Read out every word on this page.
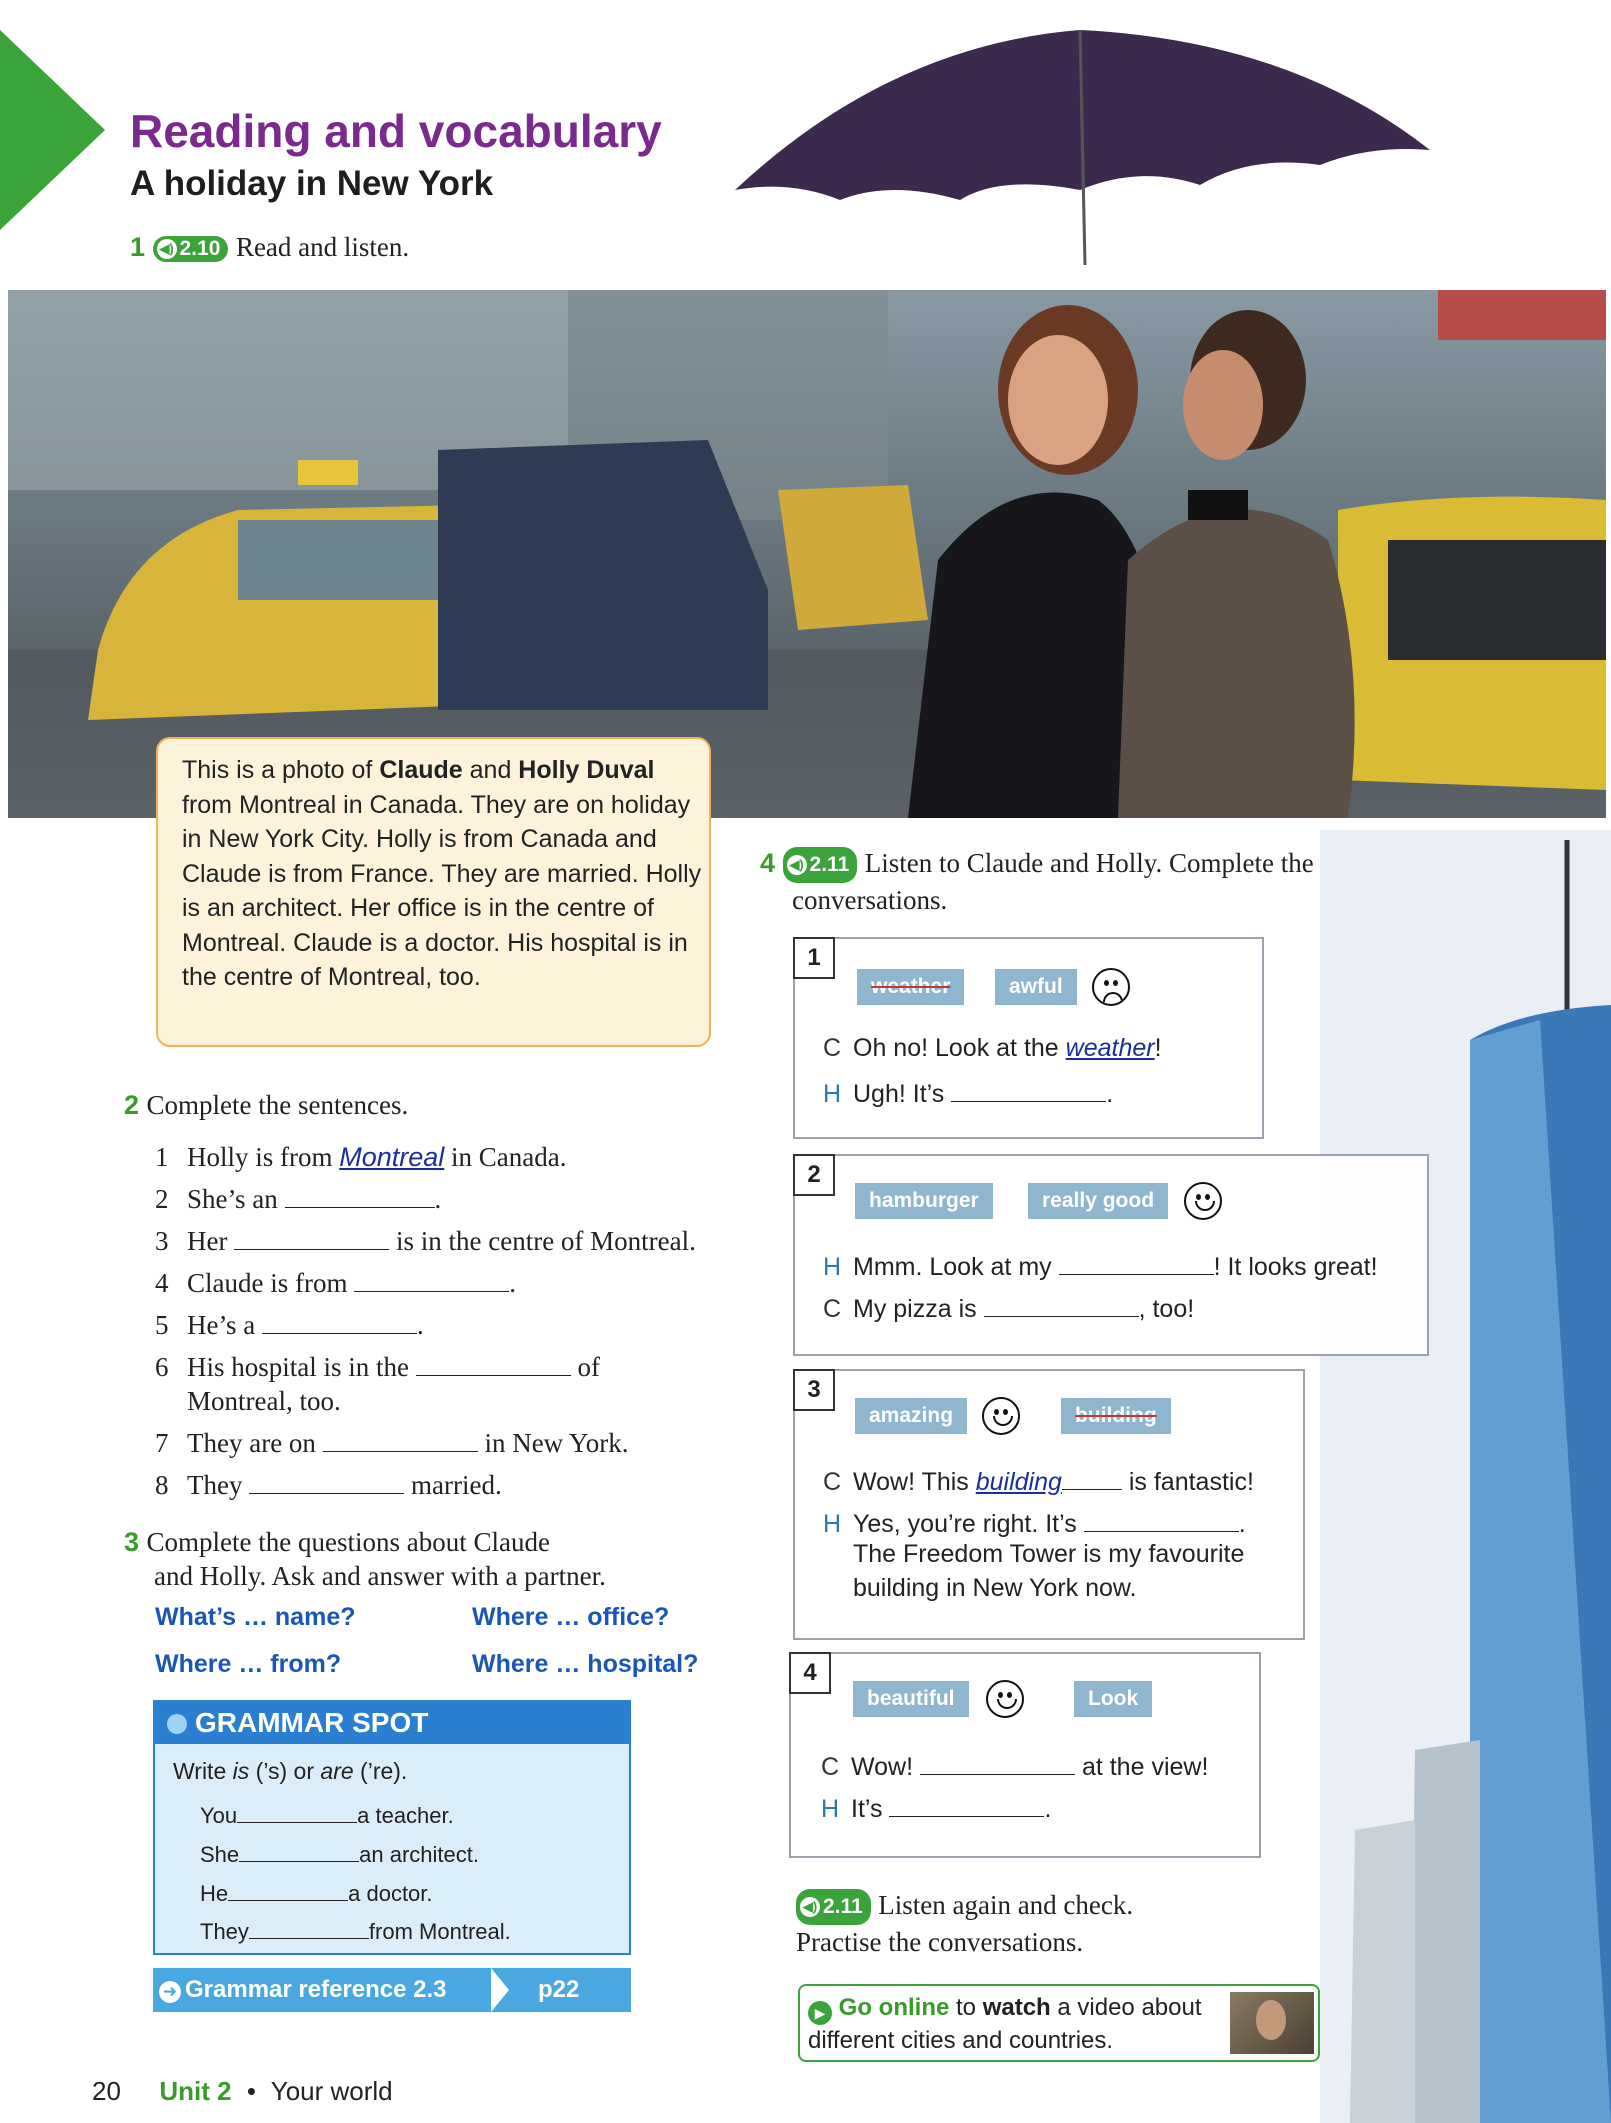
Reading and vocabulary
A holiday in New York
1 ◀) 2.10 Read and listen.
This is a photo of Claude and Holly Duval from Montreal in Canada. They are on holiday in New York City. Holly is from Canada and Claude is from France. They are married. Holly is an architect. Her office is in the centre of Montreal. Claude is a doctor. His hospital is in the centre of Montreal, too.
2 Complete the sentences.
1 Holly is from Montreal in Canada.
2 She’s an	.
3 Her	is in the centre of Montreal.
4 Claude is from	.
5 He’s a	.
6 His hospital is in the	of
Montreal, too.
7 They are on	in New York.
8 They	married.
3 Complete the questions about Claude
and Holly. Ask and answer with a partner.
What’s … name?	Where … office?
Where … from?	Where … hospital?
GRAMMAR SPOT
Write is (’s) or are (’re).
You	a teacher.
She	an architect.
He	a doctor.
They	from Montreal.
➜ Grammar reference 2.3	p22
4 ◀) 2.11 Listen to Claude and Holly. Complete the
conversations.
1
weather	awful
C Oh no! Look at the weather!
H Ugh! It’s	.
2
hamburger	really good
H Mmm. Look at my	! It looks great!
C My pizza is	, too!
3
amazing	building
C Wow! This building is fantastic!
H Yes, you’re right. It’s	.
The Freedom Tower is my favourite
building in New York now.
4
beautiful	Look
C Wow!	at the view!
H It’s	.
◀) 2.11 Listen again and check.
Practise the conversations.
▶ Go online to watch a video about
different cities and countries.
20 Unit 2 • Your world
